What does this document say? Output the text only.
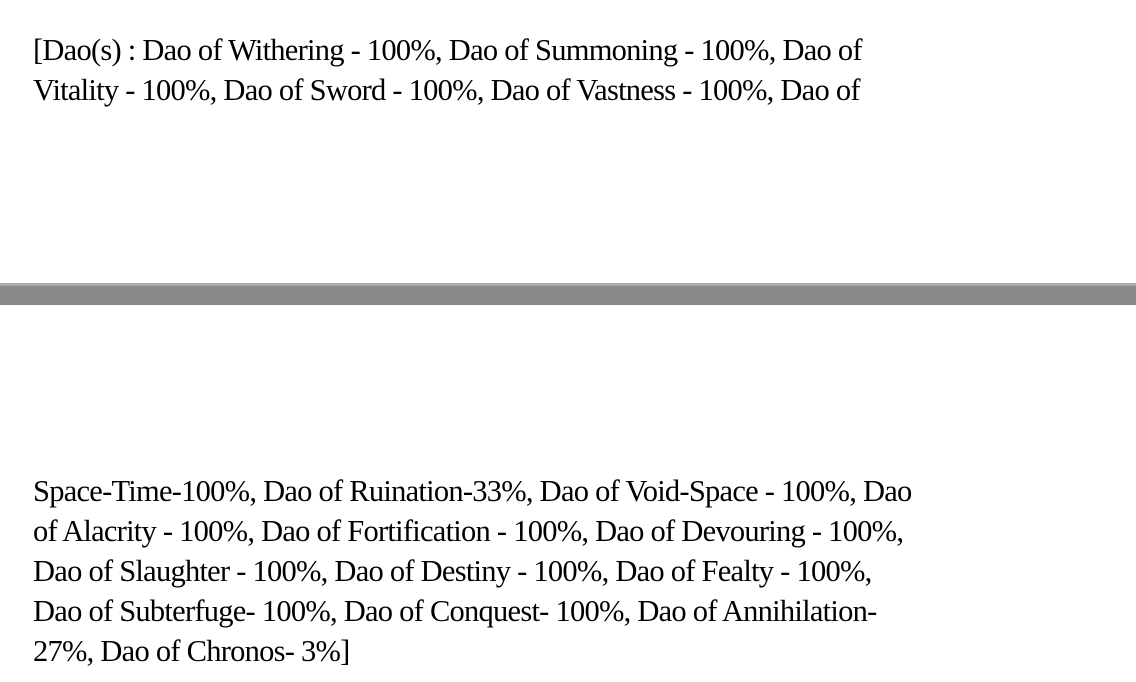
[Dao(s) : Dao of Withering - 100%, Dao of Summoning - 100%, Dao of
Vitality - 100%, Dao of Sword - 100%, Dao of Vastness - 100%, Dao of
Space-Time-100%, Dao of Ruination-33%, Dao of Void-Space - 100%, Dao
of Alacrity - 100%, Dao of Fortification - 100%, Dao of Devouring - 100%,
Dao of Slaughter - 100%, Dao of Destiny - 100%, Dao of Fealty - 100%,
Dao of Subterfuge- 100%, Dao of Conquest- 100%, Dao of Annihilation-
27%, Dao of Chronos- 3%]
